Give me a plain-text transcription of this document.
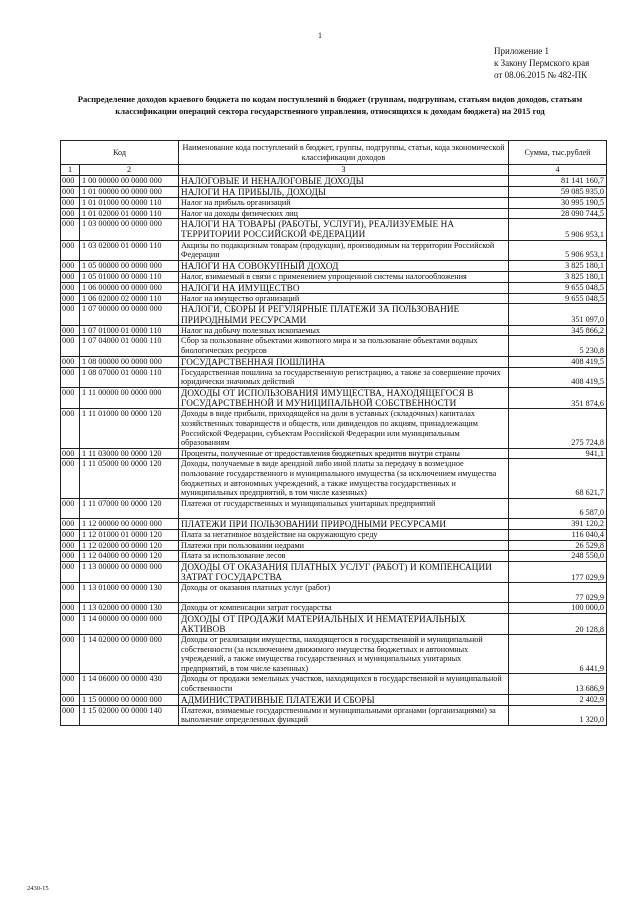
1
Приложение 1
к Закону Пермского края
от 08.06.2015 № 482-ПК
Распределение доходов краевого бюджета по кодам поступлений в бюджет (группам, подгруппам, статьям видов доходов, статьям классификации операций сектора государственного управления, относящихся к доходам бюджета) на 2015 год
Код		Наименование кода поступлений в бюджет, группы, подгруппы, статьи, кода экономической классификации доходов	Сумма, тыс.рублей
1	2	3	4
000	1 00 00000 00 0000 000	НАЛОГОВЫЕ И НЕНАЛОГОВЫЕ ДОХОДЫ	81 141 160,7
000	1 01 00000 00 0000 000	НАЛОГИ НА ПРИБЫЛЬ, ДОХОДЫ	59 085 935,0
000	1 01 01000 00 0000 110	Налог на прибыль организаций	30 995 190,5
000	1 01 02000 01 0000 110	Налог на доходы физических лиц	28 090 744,5
000	1 03 00000 00 0000 000	НАЛОГИ НА ТОВАРЫ (РАБОТЫ, УСЛУГИ), РЕАЛИЗУЕМЫЕ НА ТЕРРИТОРИИ РОССИЙСКОЙ ФЕДЕРАЦИИ	5 906 953,1
000	1 03 02000 01 0000 110	Акцизы по подакцизным товарам (продукции), производимым на территории Российской Федерации	5 906 953,1
000	1 05 00000 00 0000 000	НАЛОГИ НА СОВОКУПНЫЙ ДОХОД	3 825 180,1
000	1 05 01000 00 0000 110	Налог, взимаемый в связи с применением упрощенной системы налогообложения	3 825 180,1
000	1 06 00000 00 0000 000	НАЛОГИ НА ИМУЩЕСТВО	9 655 048,5
000	1 06 02000 02 0000 110	Налог на имущество организаций	9 655 048,5
000	1 07 00000 00 0000 000	НАЛОГИ, СБОРЫ И РЕГУЛЯРНЫЕ ПЛАТЕЖИ ЗА ПОЛЬЗОВАНИЕ ПРИРОДНЫМИ РЕСУРСАМИ	351 097,0
000	1 07 01000 01 0000 110	Налог на добычу полезных ископаемых	345 866,2
000	1 07 04000 01 0000 110	Сбор за пользование объектами животного мира и за пользование объектами водных биологических ресурсов	5 230,8
000	1 08 00000 00 0000 000	ГОСУДАРСТВЕННАЯ ПОШЛИНА	408 419,5
000	1 08 07000 01 0000 110	Государственная пошлина за государственную регистрацию, а также за совершение прочих юридически значимых действий	408 419,5
000	1 11 00000 00 0000 000	ДОХОДЫ ОТ ИСПОЛЬЗОВАНИЯ ИМУЩЕСТВА, НАХОДЯЩЕГОСЯ В ГОСУДАРСТВЕННОЙ И МУНИЦИПАЛЬНОЙ СОБСТВЕННОСТИ	351 874,6
000	1 11 01000 00 0000 120	Доходы в виде прибыли, приходящейся на доли в уставных (складочных) капиталах хозяйственных товариществ и обществ, или дивидендов по акциям, принадлежащим Российской Федерации, субъектам Российской Федерации или муниципальным образованиям	275 724,8
000	1 11 03000 00 0000 120	Проценты, полученные от предоставления бюджетных кредитов внутри страны	941,1
000	1 11 05000 00 0000 120	Доходы, получаемые в виде арендной либо иной платы за передачу в возмездное пользование государственного и муниципального имущества (за исключением имущества бюджетных и автономных учреждений, а также имущества государственных и муниципальных предприятий, в том числе казенных)	68 621,7
000	1 11 07000 00 0000 120	Платежи от государственных и муниципальных унитарных предприятий	6 587,0
000	1 12 00000 00 0000 000	ПЛАТЕЖИ ПРИ ПОЛЬЗОВАНИИ ПРИРОДНЫМИ РЕСУРСАМИ	391 120,2
000	1 12 01000 01 0000 120	Плата за негативное воздействие на окружающую среду	116 040,4
000	1 12 02000 00 0000 120	Платежи при пользовании недрами	26 529,8
000	1 12 04000 00 0000 120	Плата за использование лесов	248 550,0
000	1 13 00000 00 0000 000	ДОХОДЫ ОТ ОКАЗАНИЯ ПЛАТНЫХ УСЛУГ (РАБОТ) И КОМПЕНСАЦИИ ЗАТРАТ ГОСУДАРСТВА	177 029,9
000	1 13 01000 00 0000 130	Доходы от оказания платных услуг (работ)	77 029,9
000	1 13 02000 00 0000 130	Доходы от компенсации затрат государства	100 000,0
000	1 14 00000 00 0000 000	ДОХОДЫ ОТ ПРОДАЖИ МАТЕРИАЛЬНЫХ И НЕМАТЕРИАЛЬНЫХ АКТИВОВ	20 128,8
000	1 14 02000 00 0000 000	Доходы от реализации имущества, находящегося в государственной и муниципальной собственности (за исключением движимого имущества бюджетных и автономных учреждений, а также имущества государственных и муниципальных унитарных предприятий, в том числе казенных)	6 441,9
000	1 14 06000 00 0000 430	Доходы от продажи земельных участков, находящихся в государственной и муниципальной собственности	13 686,9
000	1 15 00000 00 0000 000	АДМИНИСТРАТИВНЫЕ ПЛАТЕЖИ И СБОРЫ	2 402,9
000	1 15 02000 00 0000 140	Платежи, взимаемые государственными и муниципальными органами (организациями) за выполнение определенных функций	1 320,0
2430-15
